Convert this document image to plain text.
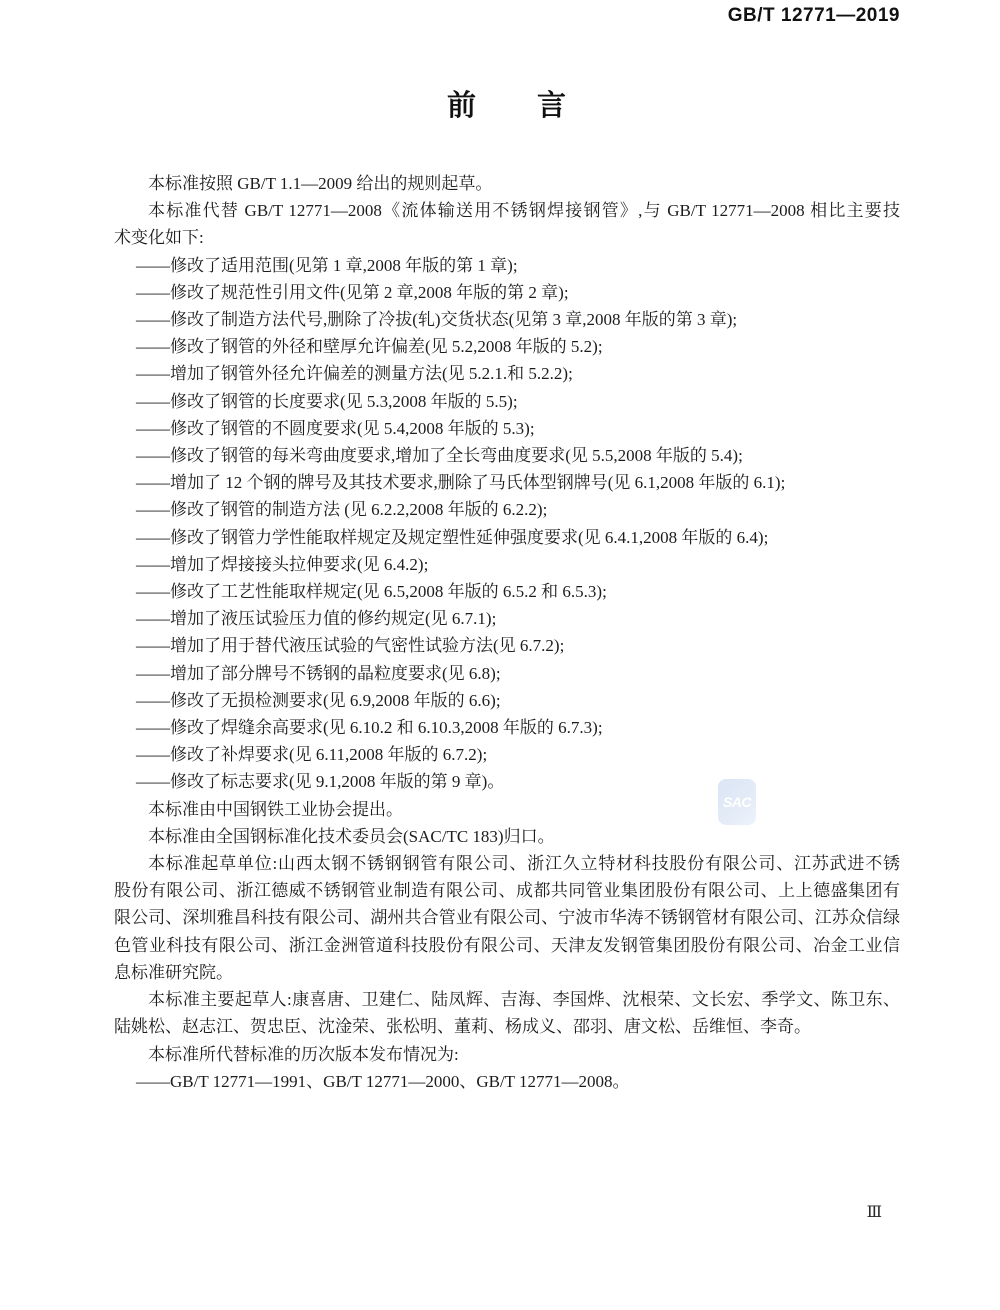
GB/T 12771—2019
前　　言
SAC
本标准按照 GB/T 1.1—2009 给出的规则起草。
本标准代替 GB/T 12771—2008《流体输送用不锈钢焊接钢管》,与 GB/T 12771—2008 相比主要技
术变化如下:
——修改了适用范围(见第 1 章,2008 年版的第 1 章);
——修改了规范性引用文件(见第 2 章,2008 年版的第 2 章);
——修改了制造方法代号,删除了冷拔(轧)交货状态(见第 3 章,2008 年版的第 3 章);
——修改了钢管的外径和壁厚允许偏差(见 5.2,2008 年版的 5.2);
——增加了钢管外径允许偏差的测量方法(见 5.2.1.和 5.2.2);
——修改了钢管的长度要求(见 5.3,2008 年版的 5.5);
——修改了钢管的不圆度要求(见 5.4,2008 年版的 5.3);
——修改了钢管的每米弯曲度要求,增加了全长弯曲度要求(见 5.5,2008 年版的 5.4);
——增加了 12 个钢的牌号及其技术要求,删除了马氏体型钢牌号(见 6.1,2008 年版的 6.1);
——修改了钢管的制造方法 (见 6.2.2,2008 年版的 6.2.2);
——修改了钢管力学性能取样规定及规定塑性延伸强度要求(见 6.4.1,2008 年版的 6.4);
——增加了焊接接头拉伸要求(见 6.4.2);
——修改了工艺性能取样规定(见 6.5,2008 年版的 6.5.2 和 6.5.3);
——增加了液压试验压力值的修约规定(见 6.7.1);
——增加了用于替代液压试验的气密性试验方法(见 6.7.2);
——增加了部分牌号不锈钢的晶粒度要求(见 6.8);
——修改了无损检测要求(见 6.9,2008 年版的 6.6);
——修改了焊缝余高要求(见 6.10.2 和 6.10.3,2008 年版的 6.7.3);
——修改了补焊要求(见 6.11,2008 年版的 6.7.2);
——修改了标志要求(见 9.1,2008 年版的第 9 章)。
本标准由中国钢铁工业协会提出。
本标准由全国钢标准化技术委员会(SAC/TC 183)归口。
本标准起草单位:山西太钢不锈钢钢管有限公司、浙江久立特材科技股份有限公司、江苏武进不锈
股份有限公司、浙江德威不锈钢管业制造有限公司、成都共同管业集团股份有限公司、上上德盛集团有
限公司、深圳雅昌科技有限公司、湖州共合管业有限公司、宁波市华涛不锈钢管材有限公司、江苏众信绿
色管业科技有限公司、浙江金洲管道科技股份有限公司、天津友发钢管集团股份有限公司、冶金工业信
息标准研究院。
本标准主要起草人:康喜唐、卫建仁、陆凤辉、吉海、李国烨、沈根荣、文长宏、季学文、陈卫东、
陆姚松、赵志江、贺忠臣、沈淦荣、张松明、董莉、杨成义、邵羽、唐文松、岳维恒、李奇。
本标准所代替标准的历次版本发布情况为:
——GB/T 12771—1991、GB/T 12771—2000、GB/T 12771—2008。
Ⅲ
